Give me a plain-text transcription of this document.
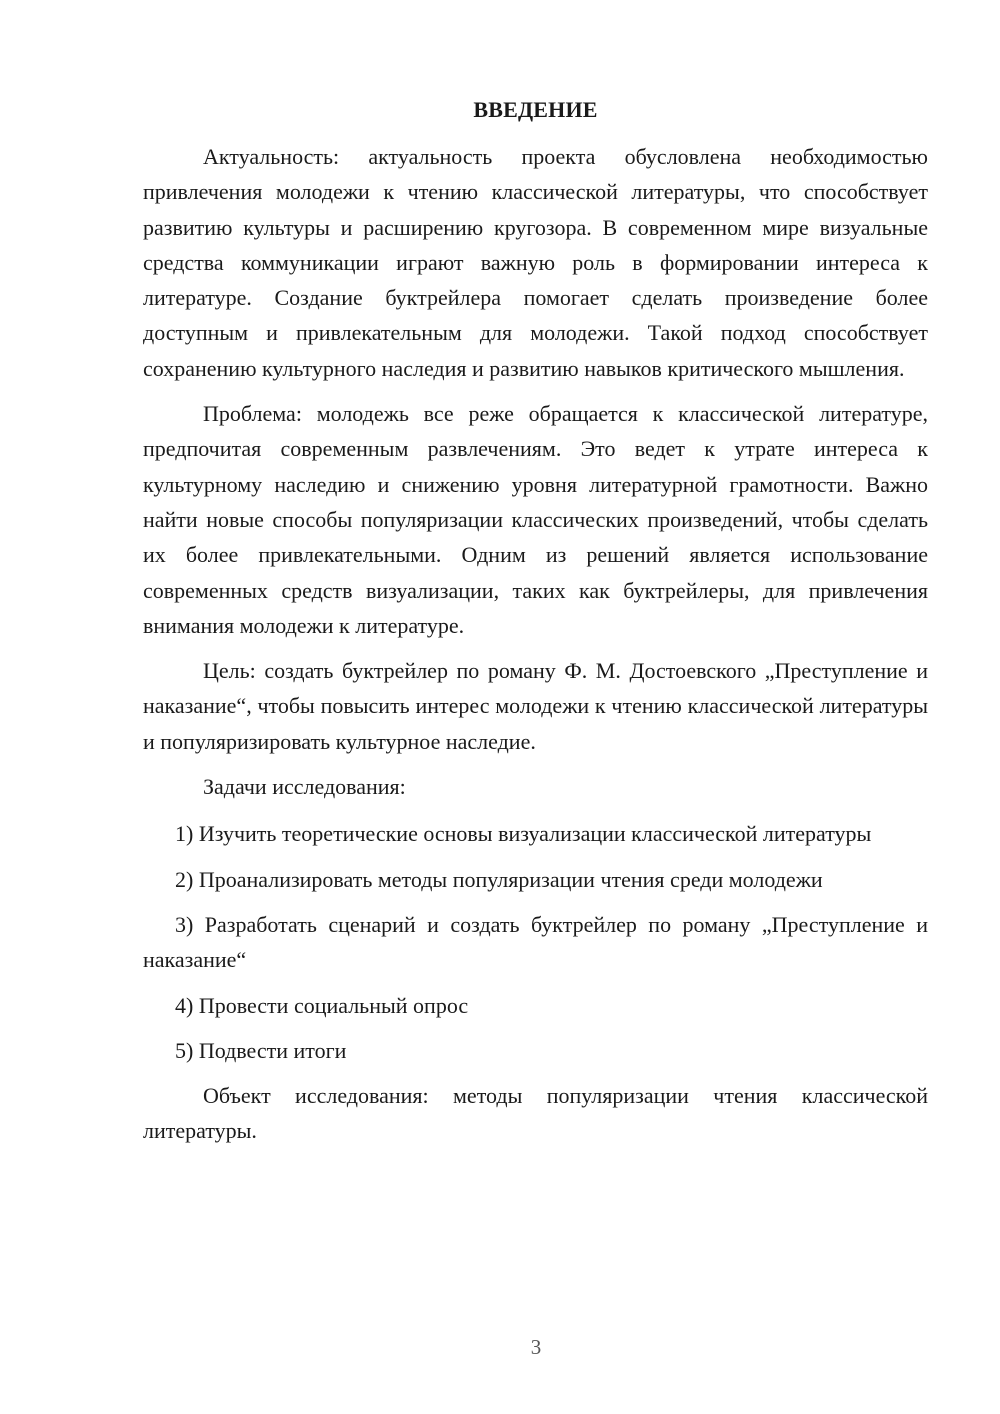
ВВЕДЕНИЕ

Актуальность: актуальность проекта обусловлена необходимостью привлечения молодежи к чтению классической литературы, что способствует развитию культуры и расширению кругозора. В современном мире визуальные средства коммуникации играют важную роль в формировании интереса к литературе. Создание буктрейлера помогает сделать произведение более доступным и привлекательным для молодежи. Такой подход способствует сохранению культурного наследия и развитию навыков критического мышления.

Проблема: молодежь все реже обращается к классической литературе, предпочитая современным развлечениям. Это ведет к утрате интереса к культурному наследию и снижению уровня литературной грамотности. Важно найти новые способы популяризации классических произведений, чтобы сделать их более привлекательными. Одним из решений является использование современных средств визуализации, таких как буктрейлеры, для привлечения внимания молодежи к литературе.

Цель: создать буктрейлер по роману Ф. М. Достоевского „Преступление и наказание“, чтобы повысить интерес молодежи к чтению классической литературы и популяризировать культурное наследие.

Задачи исследования:

1) Изучить теоретические основы визуализации классической литературы

2) Проанализировать методы популяризации чтения среди молодежи

3) Разработать сценарий и создать буктрейлер по роману „Преступление и наказание“

4) Провести социальный опрос

5) Подвести итоги

Объект исследования: методы популяризации чтения классической литературы.

3
